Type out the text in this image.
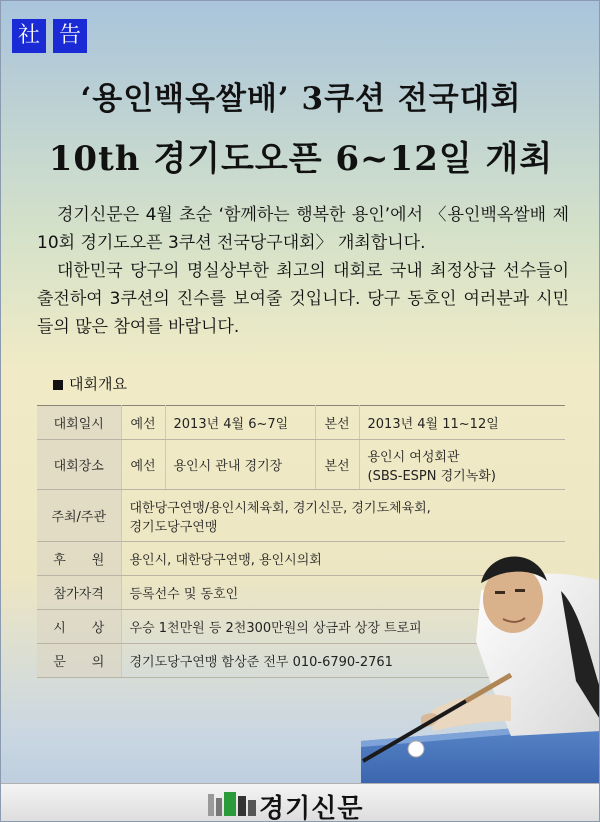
社 告
‘용인백옥쌀배’ 3쿠션 전국대회
10th 경기도오픈 6~12일 개최
경기신문은 4월 초순 ‘함께하는 행복한 용인’에서 〈용인백옥쌀배 제10회 경기도오픈 3쿠션 전국당구대회〉 개최합니다.
대한민국 당구의 명실상부한 최고의 대회로 국내 최정상급 선수들이 출전하여 3쿠션의 진수를 보여줄 것입니다. 당구 동호인 여러분과 시민들의 많은 참여를 바랍니다.
대회개요
대회일시	예선	2013년 4월 6~7일	본선	2013년 4월 11~12일
대회장소	예선	용인시 관내 경기장	본선	용인시 여성회관
(SBS-ESPN 경기녹화)

주최/주관	대한당구연맹/용인시체육회, 경기신문, 경기도체육회,
경기도당구연맹			

후　　원	용인시, 대한당구연맹, 용인시의회			
참가자격	등록선수 및 동호인			
시　　상	우승 1천만원 등 2천300만원의 상금과 상장 트로피			
문　　의	경기도당구연맹 함상준 전무 010-6790-2761			
경기신문
